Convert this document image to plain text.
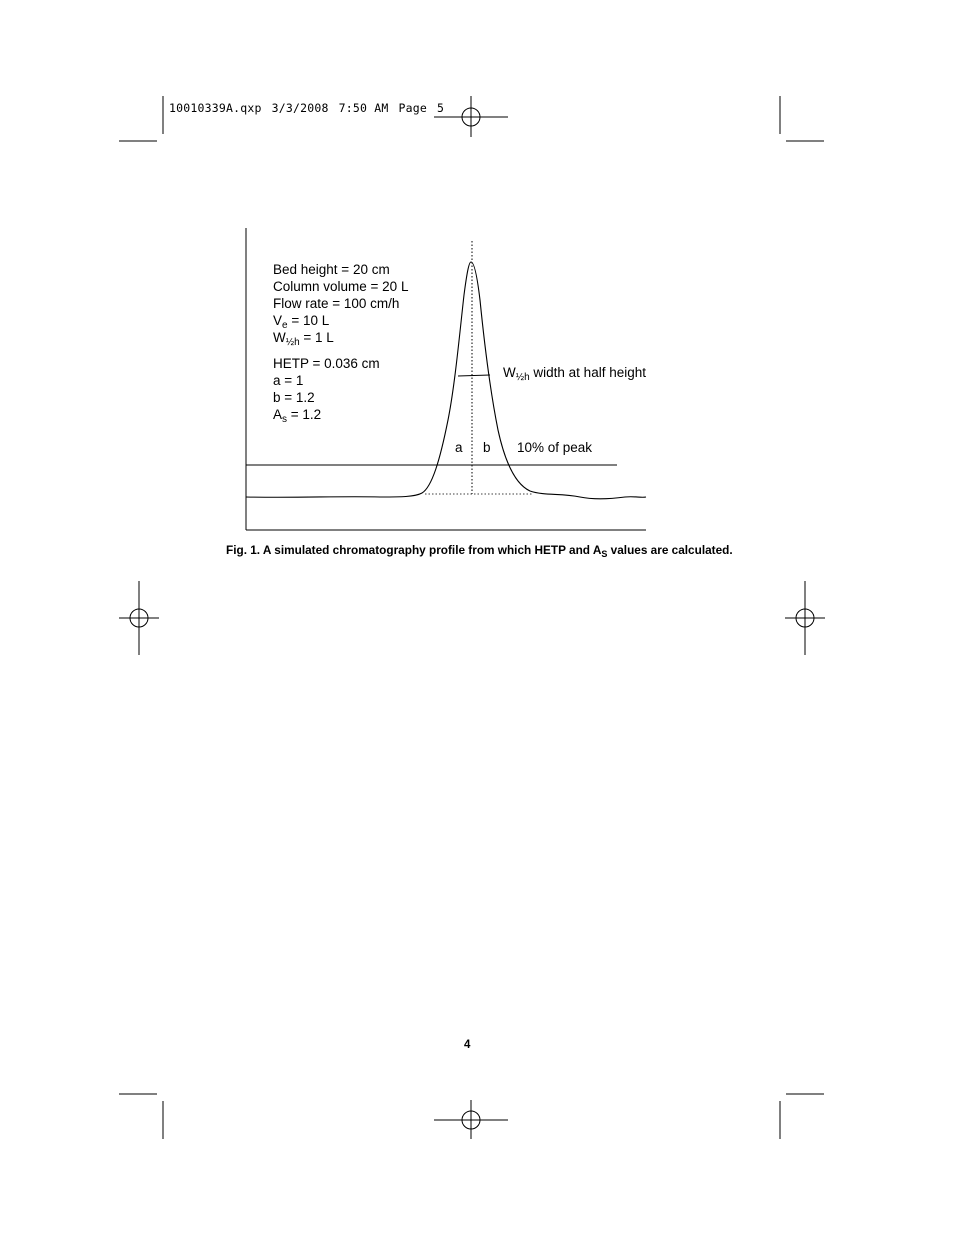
10010339A.qxp 3/3/2008 7:50 AM Page 5
Bed height = 20 cm
Column volume = 20 L
Flow rate = 100 cm/h
$V_e = 10$ L
$W_{\frac{1}{2}h} = 1$ L
HETP = 0.036 cm
a = 1
b = 1.2
$A_s = 1.2$
$W_{\frac{1}{2}h}$ width at half height
a b 10% of peak
Fig. 1. A simulated chromatography profile from which HETP and $A_S$ values are calculated.
4
